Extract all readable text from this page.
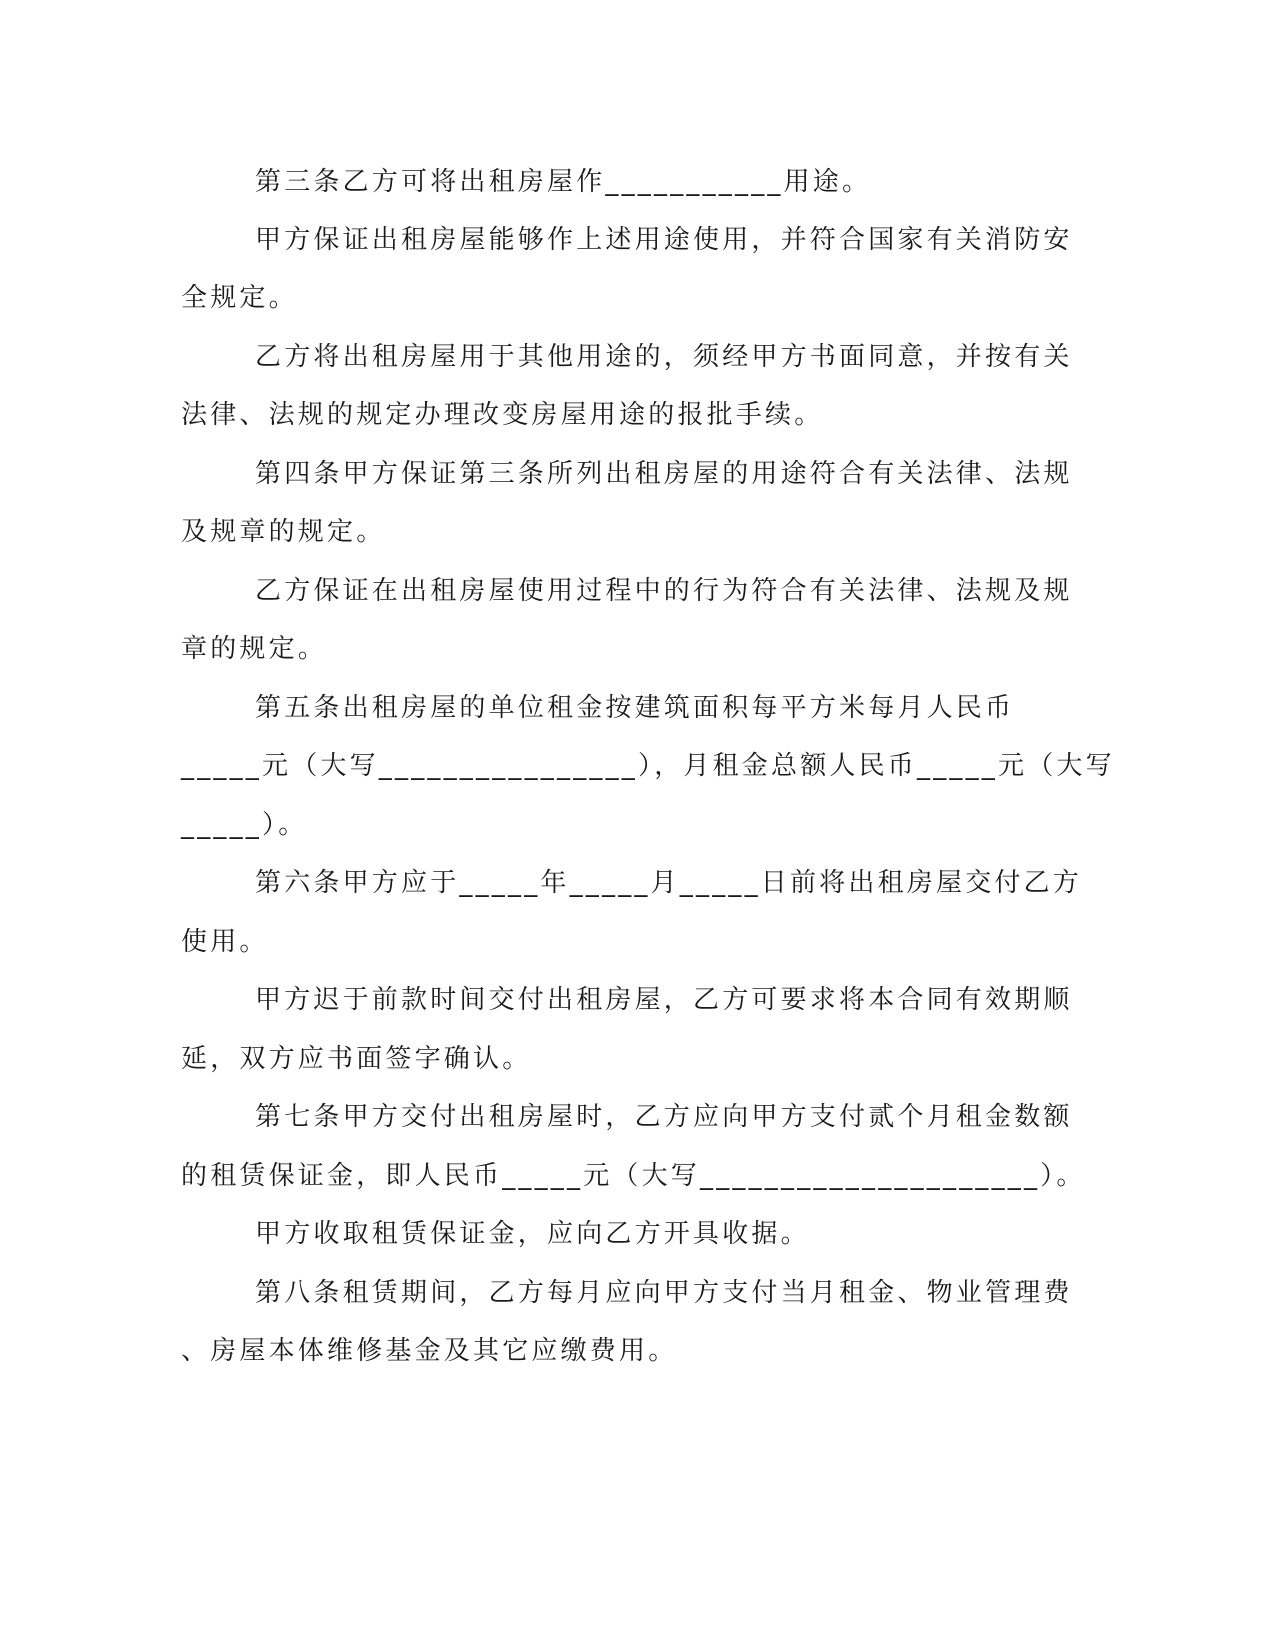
第三条乙方可将出租房屋作___________用途。
甲方保证出租房屋能够作上述用途使用，并符合国家有关消防安
全规定。
乙方将出租房屋用于其他用途的，须经甲方书面同意，并按有关
法律、法规的规定办理改变房屋用途的报批手续。
第四条甲方保证第三条所列出租房屋的用途符合有关法律、法规
及规章的规定。
乙方保证在出租房屋使用过程中的行为符合有关法律、法规及规
章的规定。
第五条出租房屋的单位租金按建筑面积每平方米每月人民币
_____元（大写________________），月租金总额人民币_____元（大写
_____）。
第六条甲方应于_____年_____月_____日前将出租房屋交付乙方
使用。
甲方迟于前款时间交付出租房屋，乙方可要求将本合同有效期顺
延，双方应书面签字确认。
第七条甲方交付出租房屋时，乙方应向甲方支付贰个月租金数额
的租赁保证金，即人民币_____元（大写_____________________）。
甲方收取租赁保证金，应向乙方开具收据。
第八条租赁期间，乙方每月应向甲方支付当月租金、物业管理费
、房屋本体维修基金及其它应缴费用。
